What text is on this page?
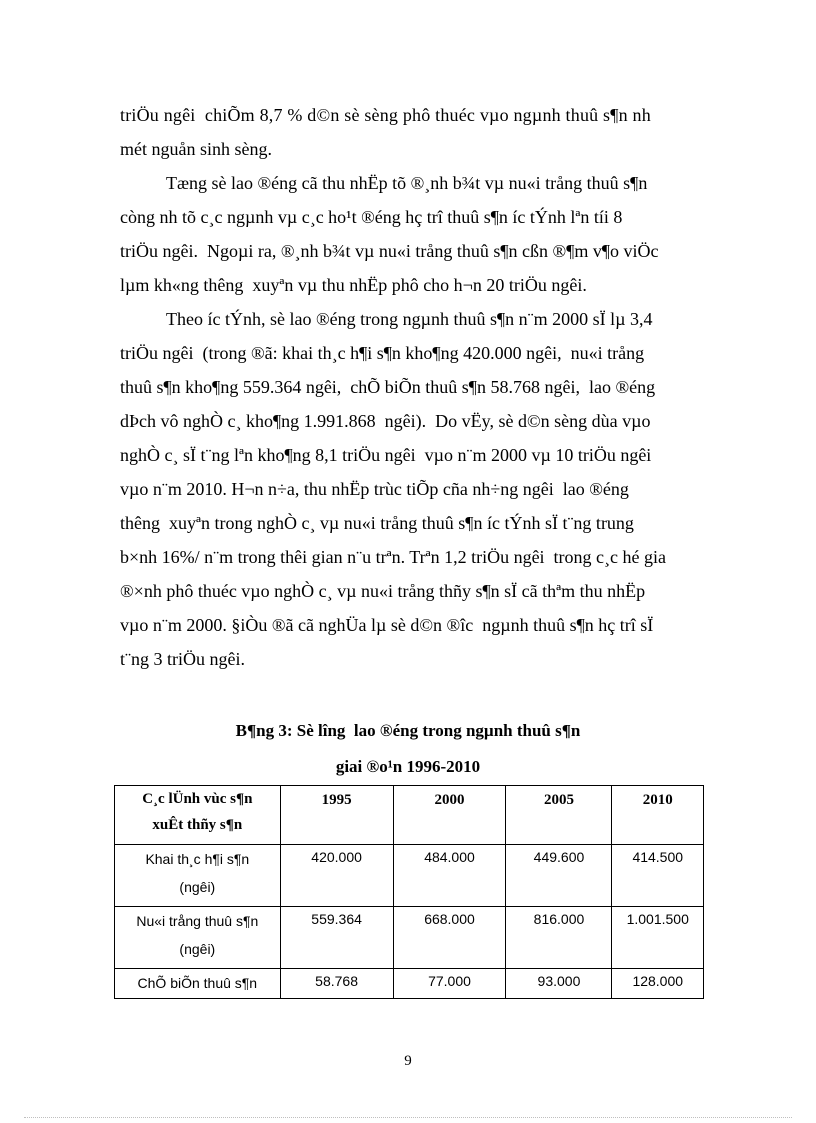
triÖu ngêi  chiÕm 8,7 % d©n sè sèng phô thuéc vµo ngµnh thuû s¶n nh
mét nguån sinh sèng.
Tæng sè lao ®éng cã thu nhËp tõ ®¸nh b¾t vµ nu«i trång thuû s¶n
còng nh tõ c¸c ngµnh vµ c¸c ho¹t ®éng hç trî thuû s¶n íc tÝnh lªn tíi 8
triÖu ngêi.  Ngoµi ra, ®¸nh b¾t vµ nu«i trång thuû s¶n cßn ®¶m v¶o viÖc
lµm kh«ng thêng  xuyªn vµ thu nhËp phô cho h¬n 20 triÖu ngêi.
Theo íc tÝnh, sè lao ®éng trong ngµnh thuû s¶n n¨m 2000 sÏ lµ 3,4
triÖu ngêi  (trong ®ã: khai th¸c h¶i s¶n kho¶ng 420.000 ngêi,  nu«i trång
thuû s¶n kho¶ng 559.364 ngêi,  chÕ biÕn thuû s¶n 58.768 ngêi,  lao ®éng
dÞch vô nghÒ c¸ kho¶ng 1.991.868  ngêi).  Do vËy, sè d©n sèng dùa vµo
nghÒ c¸ sÏ t¨ng lªn kho¶ng 8,1 triÖu ngêi  vµo n¨m 2000 vµ 10 triÖu ngêi
vµo n¨m 2010. H¬n n÷a, thu nhËp trùc tiÕp cña nh÷ng ngêi  lao ®éng
thêng  xuyªn trong nghÒ c¸ vµ nu«i trång thuû s¶n íc tÝnh sÏ t¨ng trung
b×nh 16%/ n¨m trong thêi gian n¨u trªn. Trªn 1,2 triÖu ngêi  trong c¸c hé gia
®×nh phô thuéc vµo nghÒ c¸ vµ nu«i trång thñy s¶n sÏ cã thªm thu nhËp
vµo n¨m 2000. §iÒu ®ã cã nghÜa lµ sè d©n ®îc  ngµnh thuû s¶n hç trî sÏ
t¨ng 3 triÖu ngêi.
B¶ng 3: Sè lîng  lao ®éng trong ngµnh thuû s¶n
giai ®o¹n 1996-2010
C¸c lÜnh vùc s¶n
xuÊt thñy s¶n	1995	2000	2005	2010

Khai th¸c h¶i s¶n
(ngêi)	420.000	484.000	449.600	414.500

Nu«i trång thuû s¶n
(ngêi)	559.364	668.000	816.000	1.001.500

ChÕ biÕn thuû s¶n	58.768	77.000	93.000	128.000
9
